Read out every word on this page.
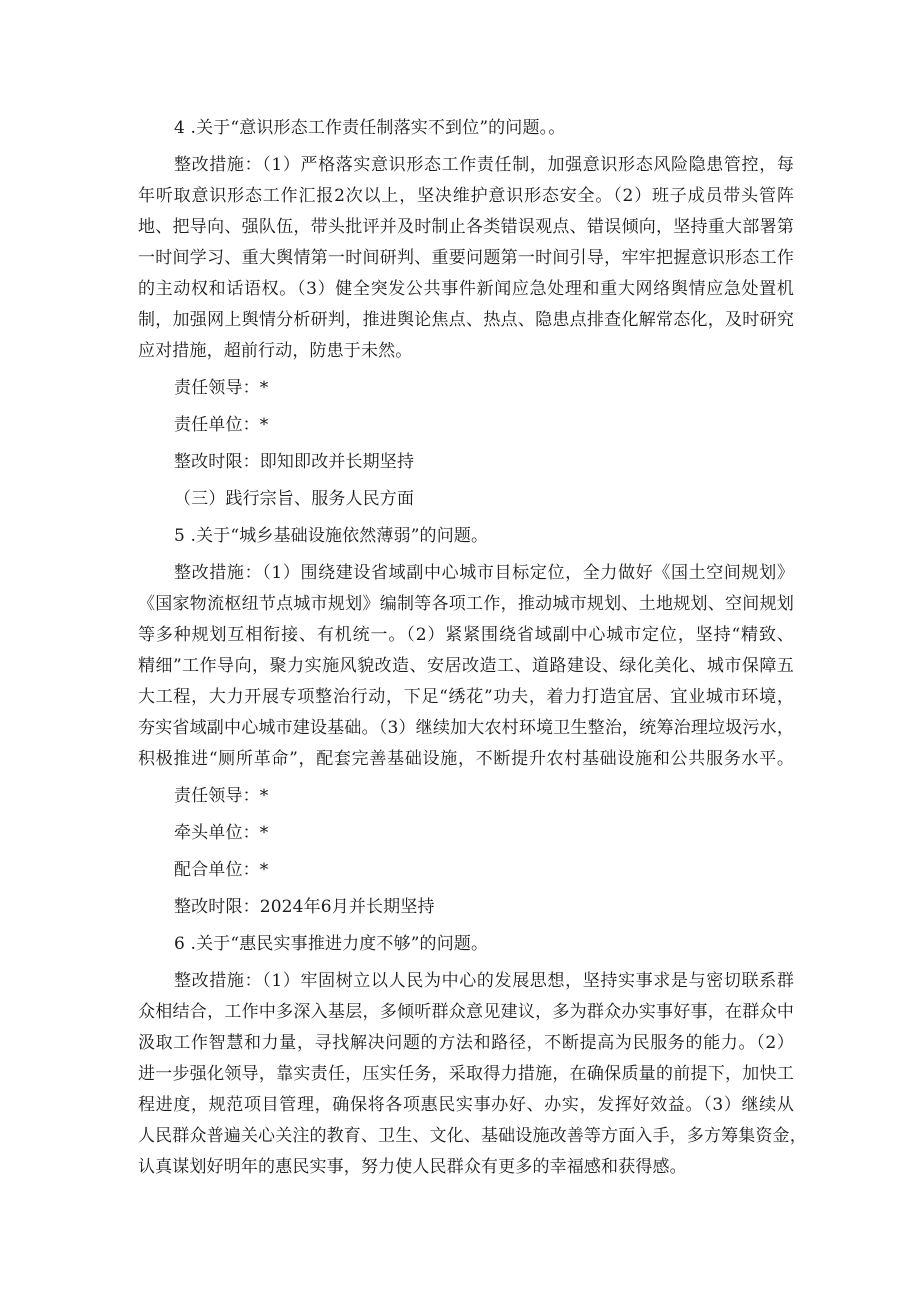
4 .关于“意识形态工作责任制落实不到位”的问题。。
整改措施：（1）严格落实意识形态工作责任制，加强意识形态风险隐患管控，每
年听取意识形态工作汇报2次以上，坚决维护意识形态安全。（2）班子成员带头管阵
地、把导向、强队伍，带头批评并及时制止各类错误观点、错误倾向，坚持重大部署第
一时间学习、重大舆情第一时间研判、重要问题第一时间引导，牢牢把握意识形态工作
的主动权和话语权。（3）健全突发公共事件新闻应急处理和重大网络舆情应急处置机
制，加强网上舆情分析研判，推进舆论焦点、热点、隐患点排查化解常态化，及时研究
应对措施，超前行动，防患于未然。
责任领导：*
责任单位：*
整改时限：即知即改并长期坚持
（三）践行宗旨、服务人民方面
5 .关于“城乡基础设施依然薄弱”的问题。
整改措施：（1）围绕建设省域副中心城市目标定位，全力做好《国土空间规划》
《国家物流枢纽节点城市规划》编制等各项工作，推动城市规划、土地规划、空间规划
等多种规划互相衔接、有机统一。（2）紧紧围绕省域副中心城市定位，坚持“精致、
精细”工作导向，聚力实施风貌改造、安居改造工、道路建设、绿化美化、城市保障五
大工程，大力开展专项整治行动，下足“绣花”功夫，着力打造宜居、宜业城市环境，
夯实省域副中心城市建设基础。（3）继续加大农村环境卫生整治，统筹治理垃圾污水，
积极推进“厕所革命”，配套完善基础设施，不断提升农村基础设施和公共服务水平。
责任领导：*
牵头单位：*
配合单位：*
整改时限：2024年6月并长期坚持
6 .关于“惠民实事推进力度不够”的问题。
整改措施：（1）牢固树立以人民为中心的发展思想，坚持实事求是与密切联系群
众相结合，工作中多深入基层，多倾听群众意见建议，多为群众办实事好事，在群众中
汲取工作智慧和力量，寻找解决问题的方法和路径，不断提高为民服务的能力。（2）
进一步强化领导，靠实责任，压实任务，采取得力措施，在确保质量的前提下，加快工
程进度，规范项目管理，确保将各项惠民实事办好、办实，发挥好效益。（3）继续从
人民群众普遍关心关注的教育、卫生、文化、基础设施改善等方面入手，多方筹集资金，
认真谋划好明年的惠民实事，努力使人民群众有更多的幸福感和获得感。
